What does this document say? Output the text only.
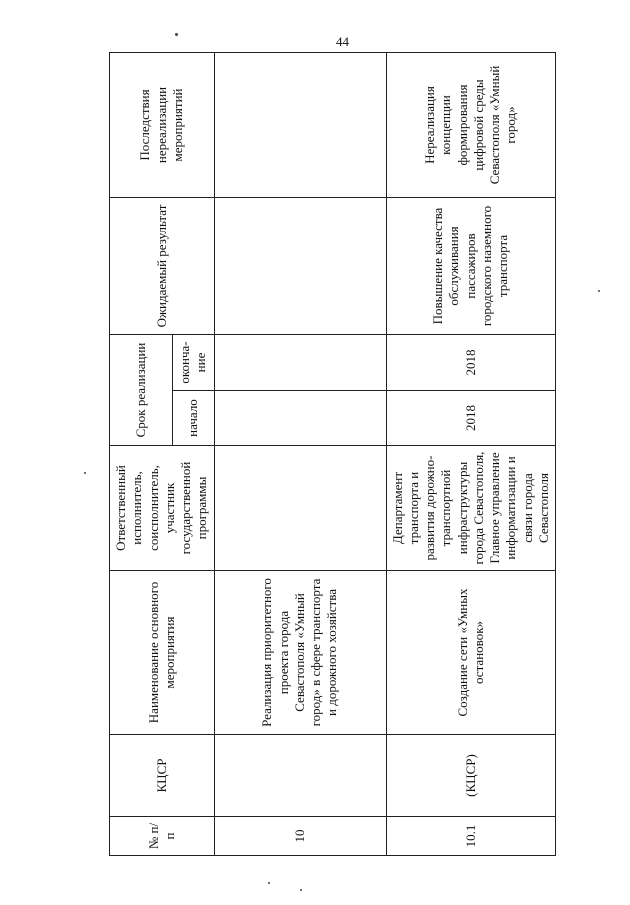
44
№ п/п	КЦСР	Наименование основного мероприятия	Ответственный исполнитель, соисполнитель, участник государственной программы	Срок реализации		Ожидаемый результат	Последствия нереализации мероприятий
				начало	оконча-ние		
10		Реализация приоритетного проекта города Севастополя «Умный город» в сфере транспорта и дорожного хозяйства					
10.1	(КЦСР)	Создание сети «Умных остановок»	Департамент транспорта и развития дорожно-транспортной инфраструктуры города Севастополя, Главное управление информатизации и связи города Севастополя	2018	2018	Повышение качества обслуживания пассажиров городского наземного транспорта	Нереализация концепции формирования цифровой среды Севастополя «Умный город»
